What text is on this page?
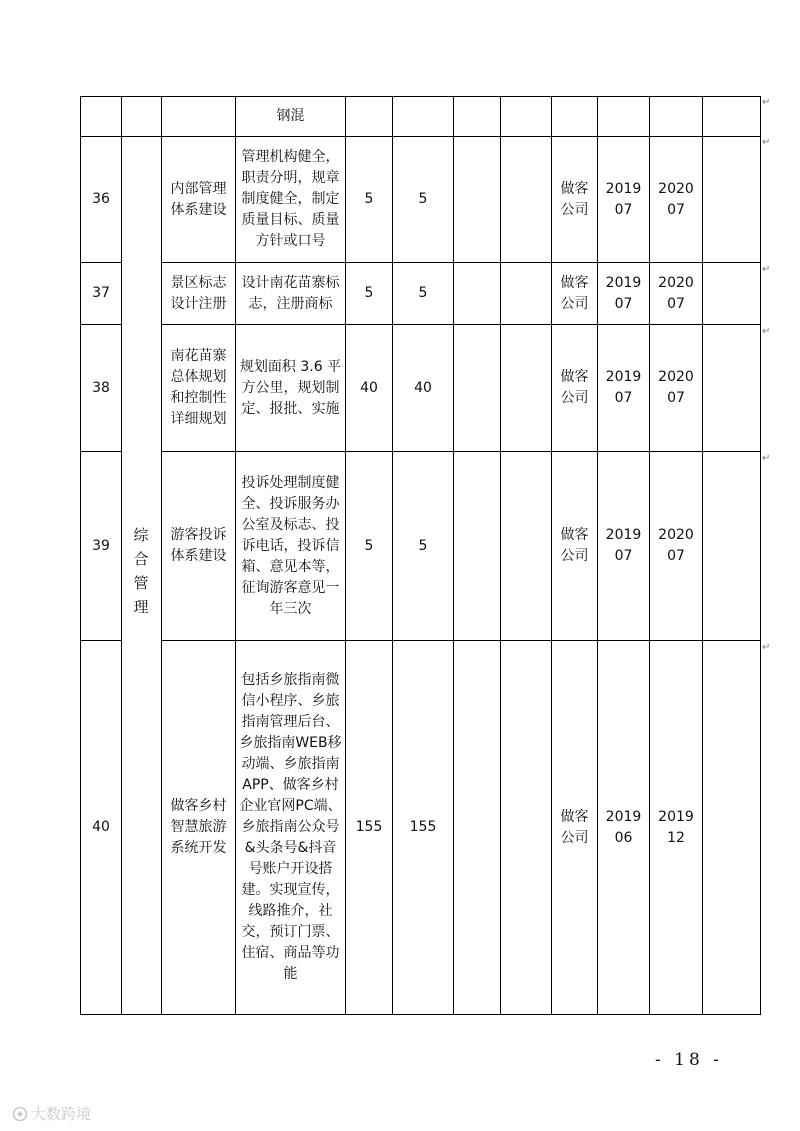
			钢混								

36		内部管理体系建设	管理机构健全，职责分明，规章制度健全，制定质量目标、质量方针或口号	5	5			做客公司	2019 07	2020 07	

37		景区标志设计注册	设计南花苗寨标志，注册商标	5	5			做客公司	2019 07	2020 07	

38		南花苗寨总体规划和控制性详细规划	规划面积 3.6 平方公里，规划制定、报批、实施	40	40			做客公司	2019 07	2020 07	

39		游客投诉体系建设	投诉处理制度健全、投诉服务办公室及标志、投诉电话，投诉信箱、意见本等，征询游客意见一年三次	5	5			做客公司	2019 07	2020 07	

40		做客乡村智慧旅游系统开发	包括乡旅指南微信小程序、乡旅指南管理后台、乡旅指南WEB移动端、乡旅指南APP、做客乡村企业官网PC端、乡旅指南公众号&头条号&抖音号账户开设搭建。实现宣传，线路推介，社交，预订门票、住宿、商品等功能	155	155			做客公司	2019 06	2019 12	

综合管理
↵
↵
↵
↵
↵
↵
- 18 -
大数跨境
